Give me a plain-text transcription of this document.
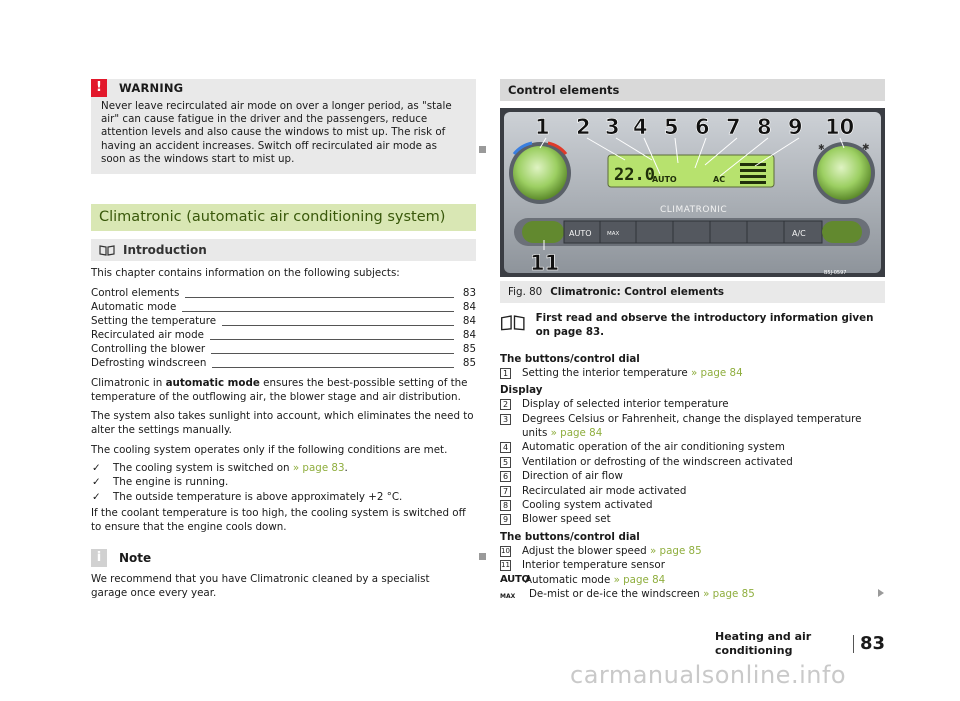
!	WARNING
Never leave recirculated air mode on over a longer period, as "stale air" can cause fatigue in the driver and the passengers, reduce attention levels and also cause the windows to mist up. The risk of having an accident increases. Switch off recirculated air mode as soon as the windows start to mist up.
Climatronic (automatic air conditioning system)
Introduction

This chapter contains information on the following subjects:

Control elements	83
Automatic mode	84
Setting the temperature	84
Recirculated air mode	84
Controlling the blower	85
Defrosting windscreen	85

Climatronic in automatic mode ensures the best-possible setting of the temperature of the outflowing air, the blower stage and air distribution.

The system also takes sunlight into account, which eliminates the need to alter the settings manually.

The cooling system operates only if the following conditions are met.

✓	The cooling system is switched on » page 83.
✓	The engine is running.
✓	The outside temperature is above approximately +2 °C.

If the coolant temperature is too high, the cooling system is switched off to ensure that the engine cools down.

i	Note

We recommend that you have Climatronic cleaned by a specialist garage once every year.

Control elements
✱	✱
22.0
AUTO	AC
CLIMATRONIC
AUTO	MAX	A/C
1 2 3 4 5 6 7 8 9 10
11	B5J-0597
Fig. 80 Climatronic: Control elements
First read and observe the introductory information given on page 83.
The buttons/control dial
1 Setting the interior temperature » page 84
Display
2 Display of selected interior temperature
3 Degrees Celsius or Fahrenheit, change the displayed temperature
units » page 84
4 Automatic operation of the air conditioning system
5 Ventilation or defrosting of the windscreen activated
6 Direction of air flow
7 Recirculated air mode activated
8 Cooling system activated
9 Blower speed set
The buttons/control dial
10 Adjust the blower speed » page 85
11 Interior temperature sensor
AUTO
Automatic mode » page 84
MAX	De-mist or de-ice the windscreen » page 85
Heating and air conditioning	83
carmanualsonline.info
